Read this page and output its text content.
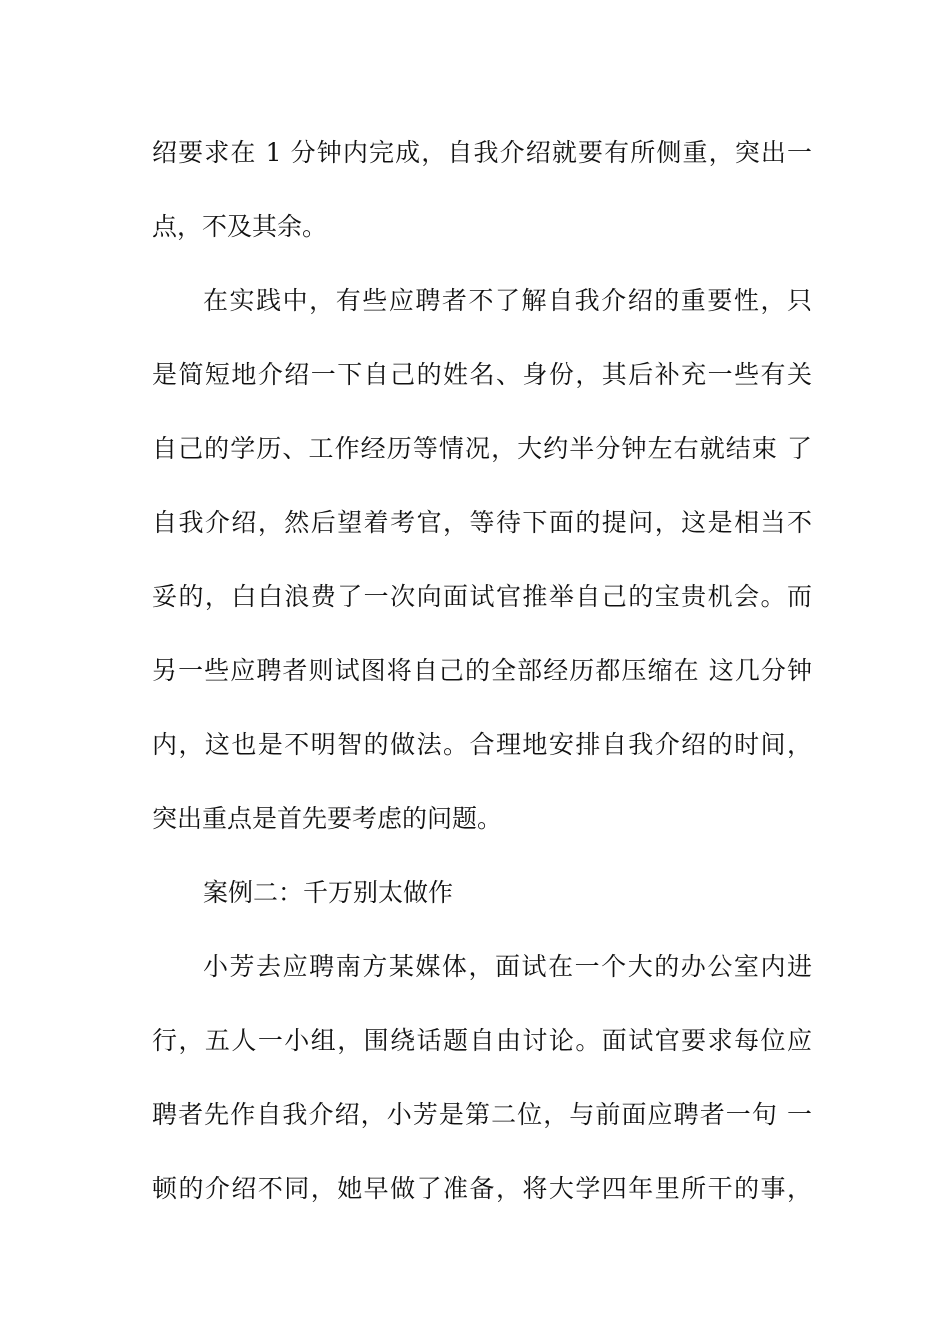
绍要求在 1 分钟内完成，自我介绍就要有所侧重，突出一
点，不及其余。
在实践中，有些应聘者不了解自我介绍的重要性，只
是简短地介绍一下自己的姓名、身份，其后补充一些有关
自己的学历、工作经历等情况，大约半分钟左右就结束 了
自我介绍，然后望着考官，等待下面的提问，这是相当不
妥的，白白浪费了一次向面试官推举自己的宝贵机会。而
另一些应聘者则试图将自己的全部经历都压缩在 这几分钟
内，这也是不明智的做法。合理地安排自我介绍的时间，
突出重点是首先要考虑的问题。
案例二：千万别太做作
小芳去应聘南方某媒体，面试在一个大的办公室内进
行，五人一小组，围绕话题自由讨论。面试官要求每位应
聘者先作自我介绍，小芳是第二位，与前面应聘者一句 一
顿的介绍不同，她早做了准备，将大学四年里所干的事，
